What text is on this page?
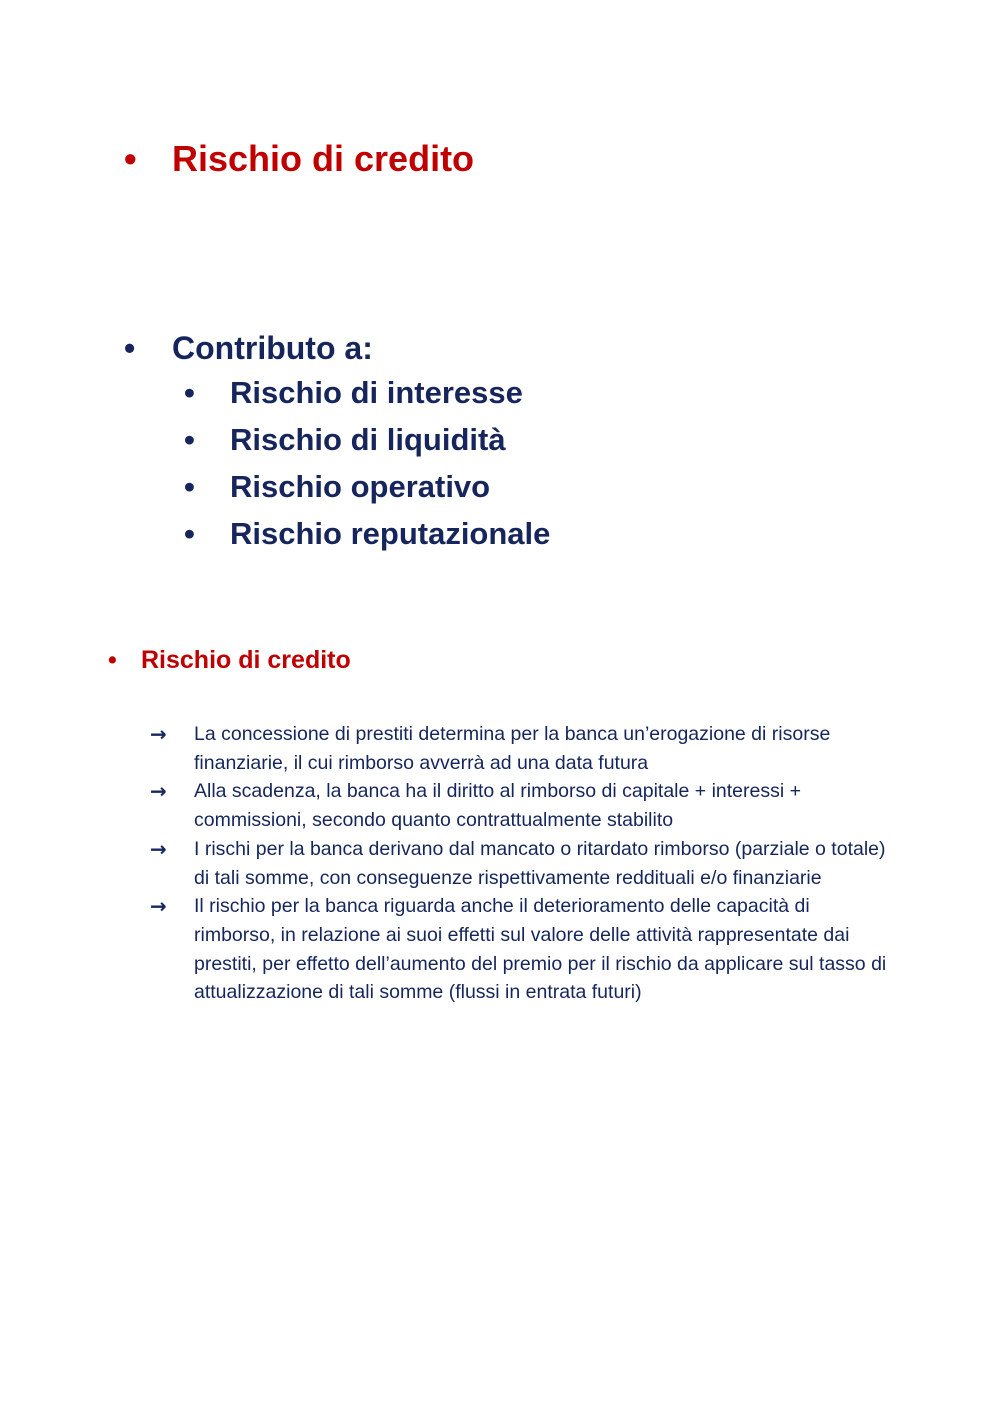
• Rischio di credito
•	Contributo a:
•	Rischio di interesse
•	Rischio di liquidità
•	Rischio operativo
•	Rischio reputazionale
• Rischio di credito
→	La concessione di prestiti determina per la banca un’erogazione di risorse finanziarie, il cui rimborso avverrà ad una data futura
→	Alla scadenza, la banca ha il diritto al rimborso di capitale + interessi + commissioni, secondo quanto contrattualmente stabilito
→	I rischi per la banca derivano dal mancato o ritardato rimborso (parziale o totale) di tali somme, con conseguenze rispettivamente reddituali e/o finanziarie
→	Il rischio per la banca riguarda anche il deterioramento delle capacità di rimborso, in relazione ai suoi effetti sul valore delle attività rappresentate dai prestiti, per effetto dell’aumento del premio per il rischio da applicare sul tasso di attualizzazione di tali somme (flussi in entrata futuri)
